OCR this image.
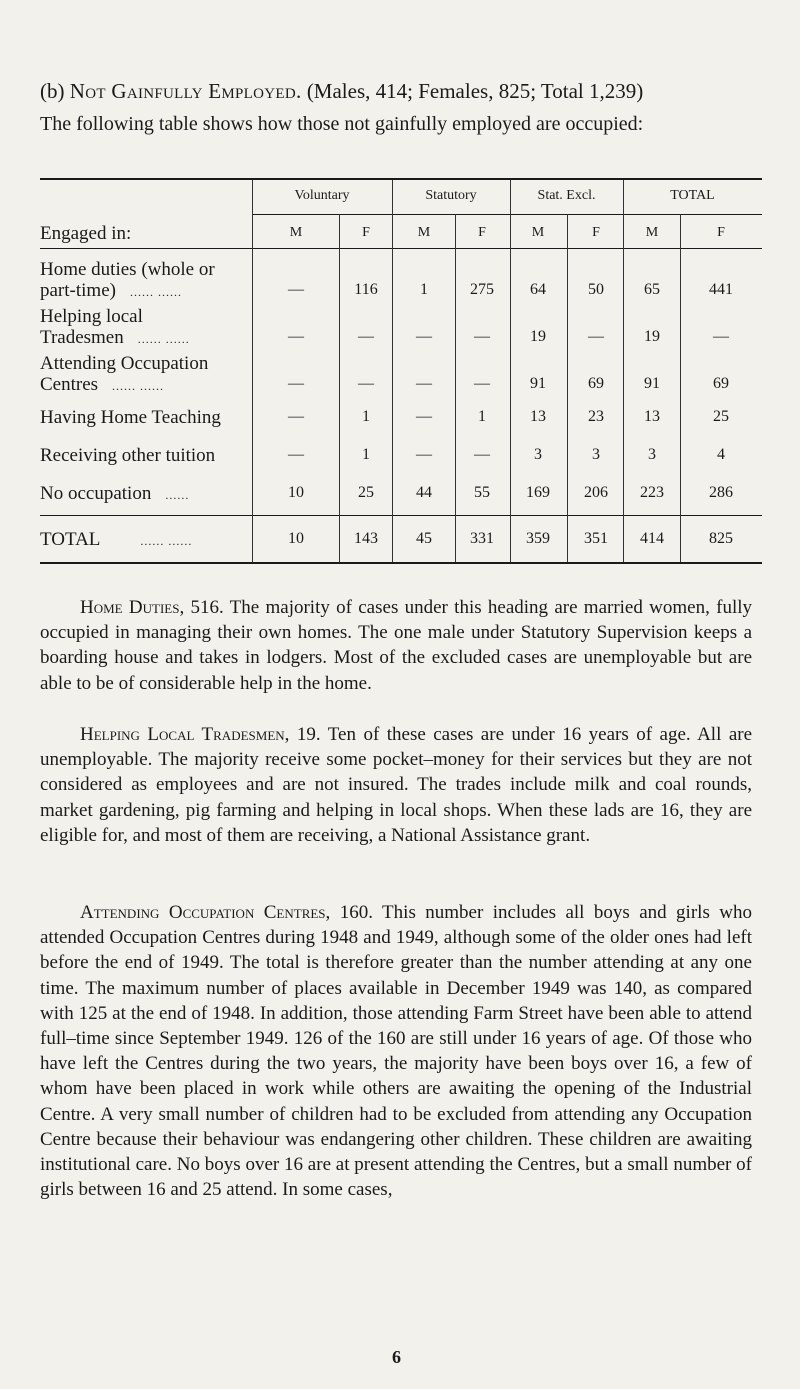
(b) Not Gainfully Employed. (Males, 414; Females, 825; Total 1,239)
The following table shows how those not gainfully employed are occupied:
Voluntary	Statutory	Stat. Excl.	TOTAL
Engaged in:	M	F	M	F	M	F	M	F
Home duties (whole or
part-time) ...... ......	—	116	1	275	64	50	65	441
Helping local
Tradesmen ...... ......	—	—	—	—	19	—	19	—
Attending Occupation
Centres ...... ......	—	—	—	—	91	69	91	69
Having Home Teaching	—	1	—	1	13	23	13	25
Receiving other tuition	—	1	—	—	3	3	3	4
No occupation ......	10	25	44	55	169	206	223	286
TOTAL	...... ......	10	143	45	331	359	351	414	825
Home Duties, 516. The majority of cases under this heading are married women, fully occupied in managing their own homes. The one male under Statutory Supervision keeps a boarding house and takes in lodgers. Most of the excluded cases are unemployable but are able to be of considerable help in the home.
Helping Local Tradesmen, 19. Ten of these cases are under 16 years of age. All are unemployable. The majority receive some pocket–money for their services but they are not considered as employees and are not insured. The trades include milk and coal rounds, market gardening, pig farming and helping in local shops. When these lads are 16, they are eligible for, and most of them are receiving, a National Assistance grant.
Attending Occupation Centres, 160. This number includes all boys and girls who attended Occupation Centres during 1948 and 1949, although some of the older ones had left before the end of 1949. The total is therefore greater than the number attending at any one time. The maximum number of places available in December 1949 was 140, as compared with 125 at the end of 1948. In addition, those attending Farm Street have been able to attend full–time since September 1949. 126 of the 160 are still under 16 years of age. Of those who have left the Centres during the two years, the majority have been boys over 16, a few of whom have been placed in work while others are awaiting the opening of the Industrial Centre. A very small number of children had to be excluded from attending any Occupation Centre because their behaviour was endangering other children. These children are awaiting institutional care. No boys over 16 are at present attending the Centres, but a small number of girls between 16 and 25 attend. In some cases,
6
